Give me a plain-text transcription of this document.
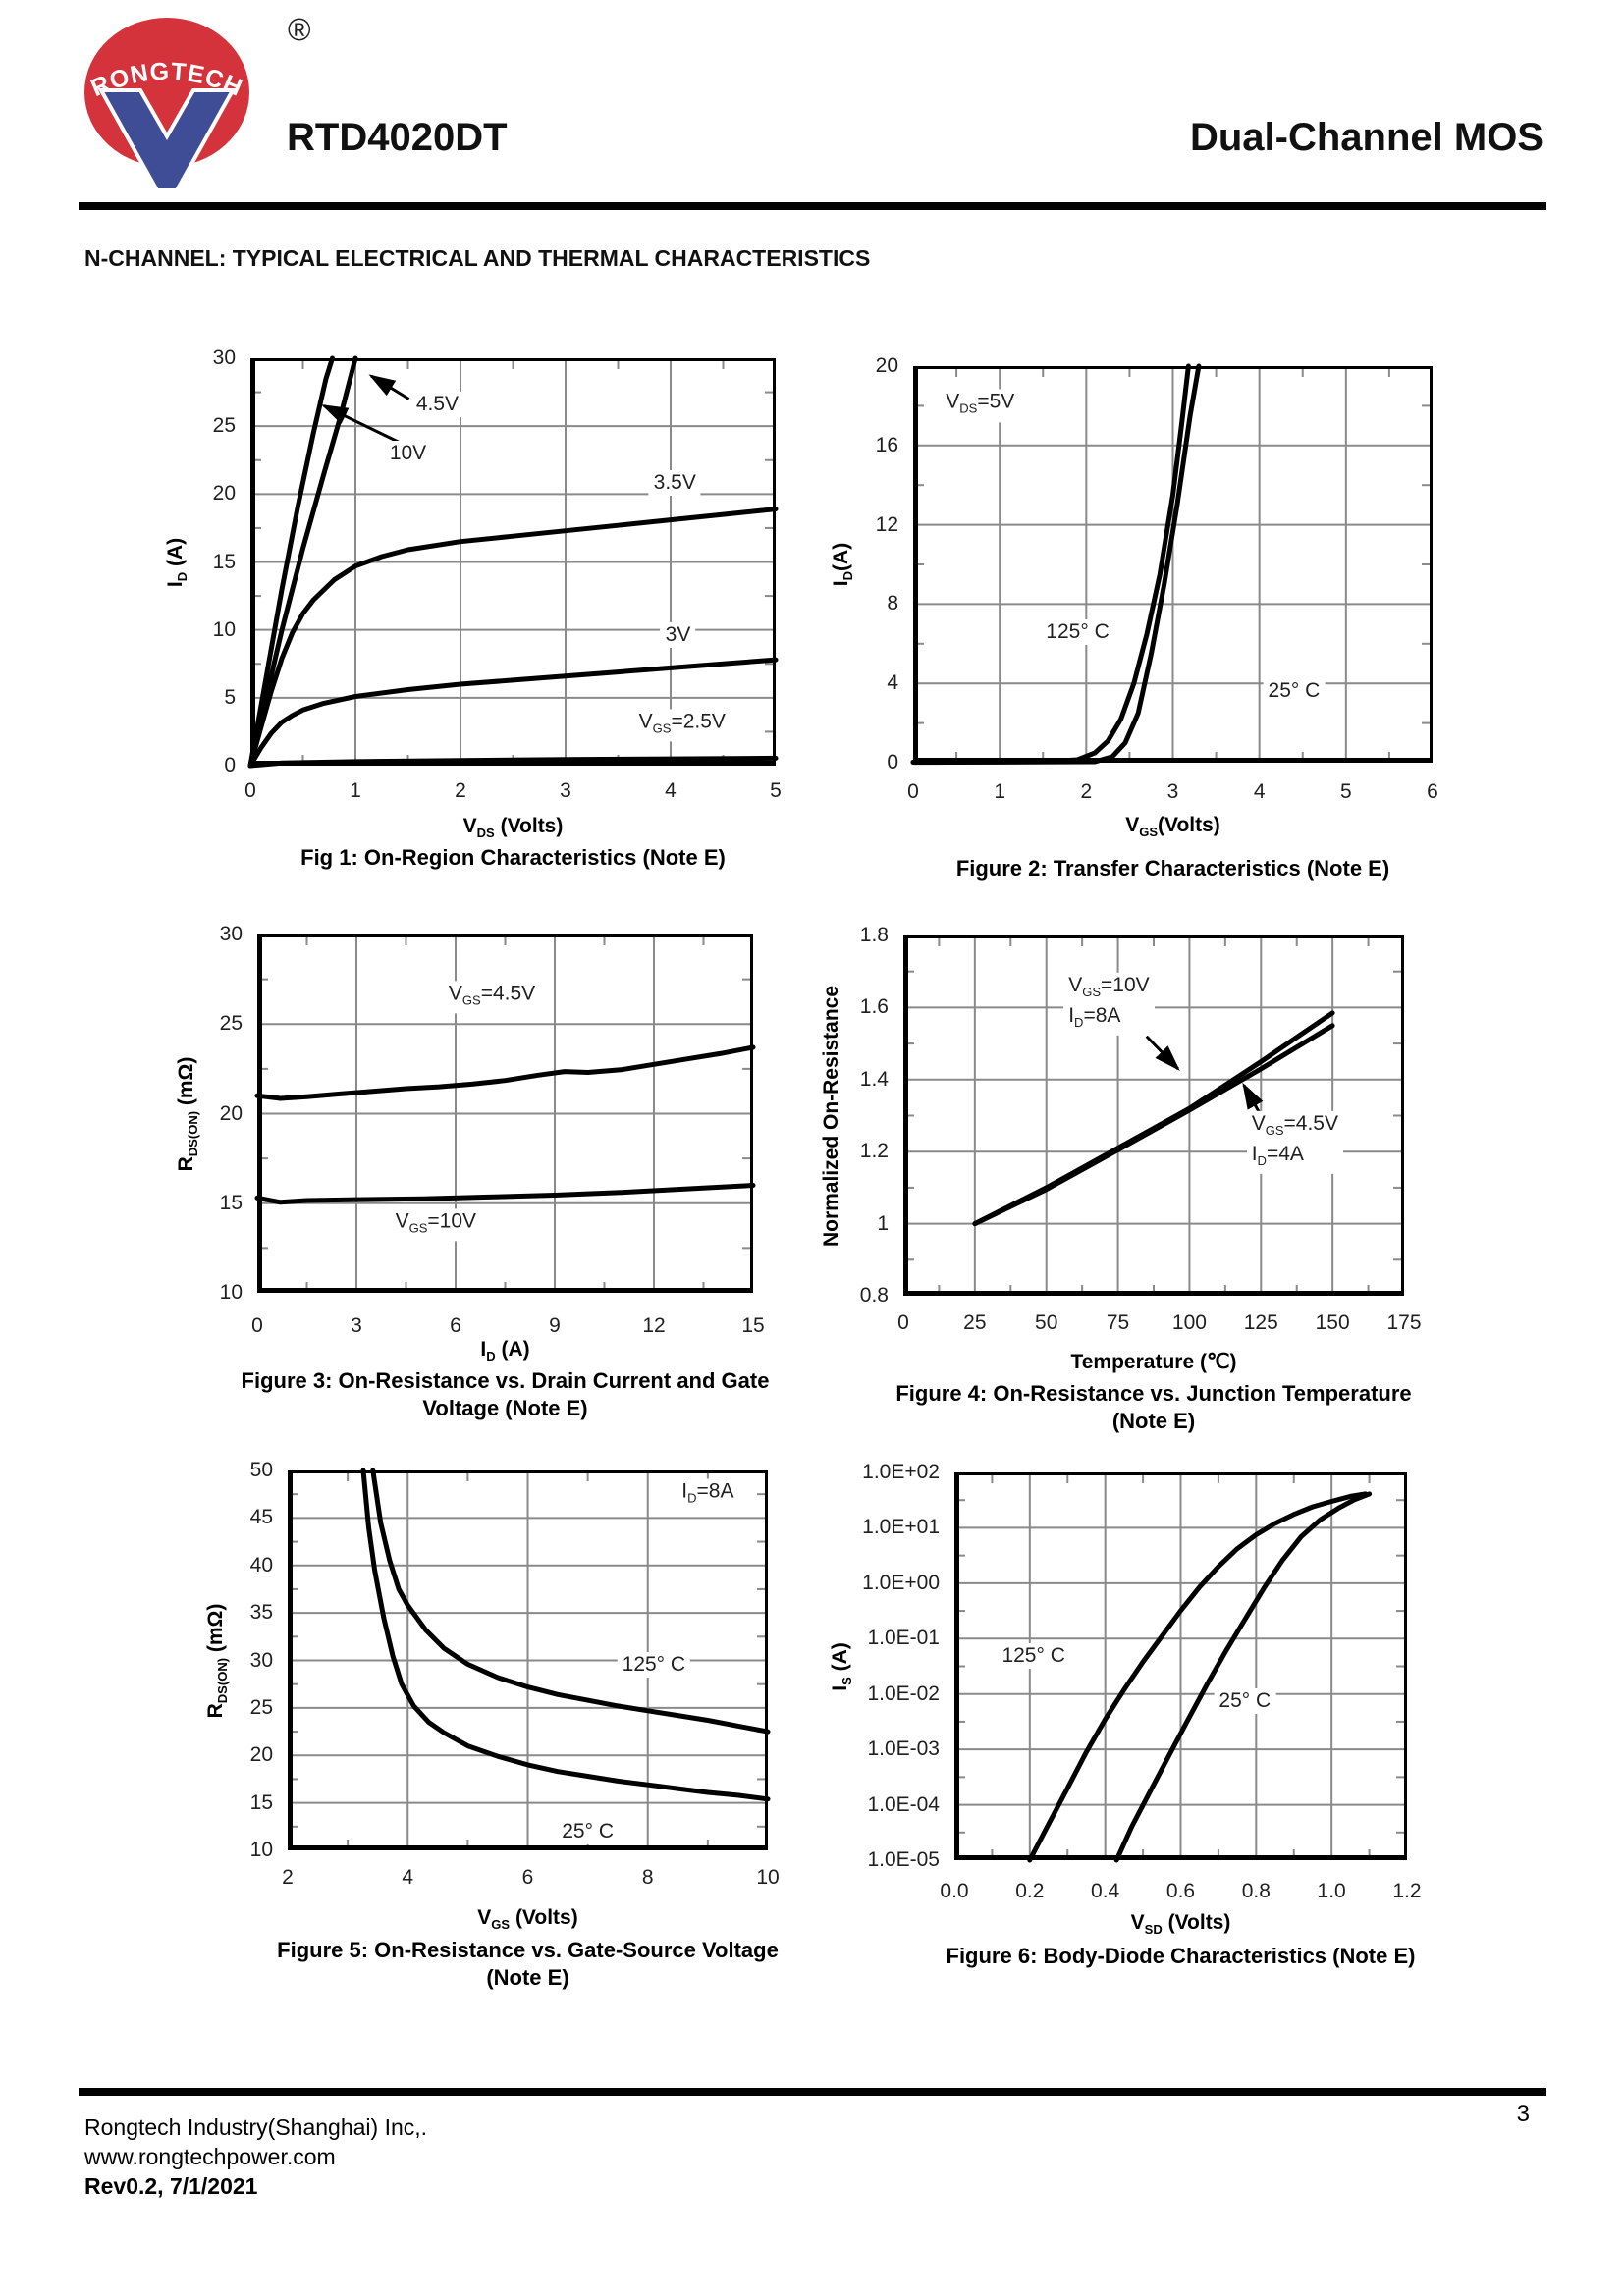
RONGTECH
®
RTD4020DT	Dual-Channel MOS
N-CHANNEL: TYPICAL ELECTRICAL AND THERMAL CHARACTERISTICS
0
5
10
15
20
25
30
0	1	2	3	4	5
$I_D$ (A)
$V_{DS}$ (Volts)
Fig 1: On-Region Characteristics (Note E)
4.5V
10V
3.5V
3V
$V_{GS}=2.5V$
0
4
8
12
16
20
0	1	2	3	4	5	6
$I_D(A)$
$V_{GS}(Volts)$
Figure 2: Transfer Characteristics (Note E)
$V_{DS}=5V$
125° C
25° C
10
15
20
25
30
0	3	6	9	12	15
$R_{DS(ON)}$ (mΩ)
$I_D$ (A)
Figure 3: On-Resistance vs. Drain Current and Gate
Voltage (Note E)
$V_{GS}=4.5V$
$V_{GS}=10V$
0.8
1
1.2
1.4
1.6
1.8
0	25	50	75	100	125	150	175
Normalized On-Resistance
Temperature (℃)
Figure 4: On-Resistance vs. Junction Temperature
(Note E)
$V_{GS}=10V$
$I_D=8A$
$V_{GS}=4.5V$
$I_D=4A$
10
15
20
25
30
35
40
45
50
2	4	6	8	10
$R_{DS(ON)}$ (mΩ)
$V_{GS}$ (Volts)
Figure 5: On-Resistance vs. Gate-Source Voltage
(Note E)
$I_D=8A$
125° C
25° C
1.0E-05
1.0E-04
1.0E-03
1.0E-02
1.0E-01
1.0E+00
1.0E+01
1.0E+02
0.0	0.2	0.4	0.6	0.8	1.0	1.2
$I_S$ (A)
$V_{SD}$ (Volts)
Figure 6: Body-Diode Characteristics (Note E)
125° C
25° C
3
Rongtech Industry(Shanghai) Inc,.
www.rongtechpower.com
Rev0.2, 7/1/2021
